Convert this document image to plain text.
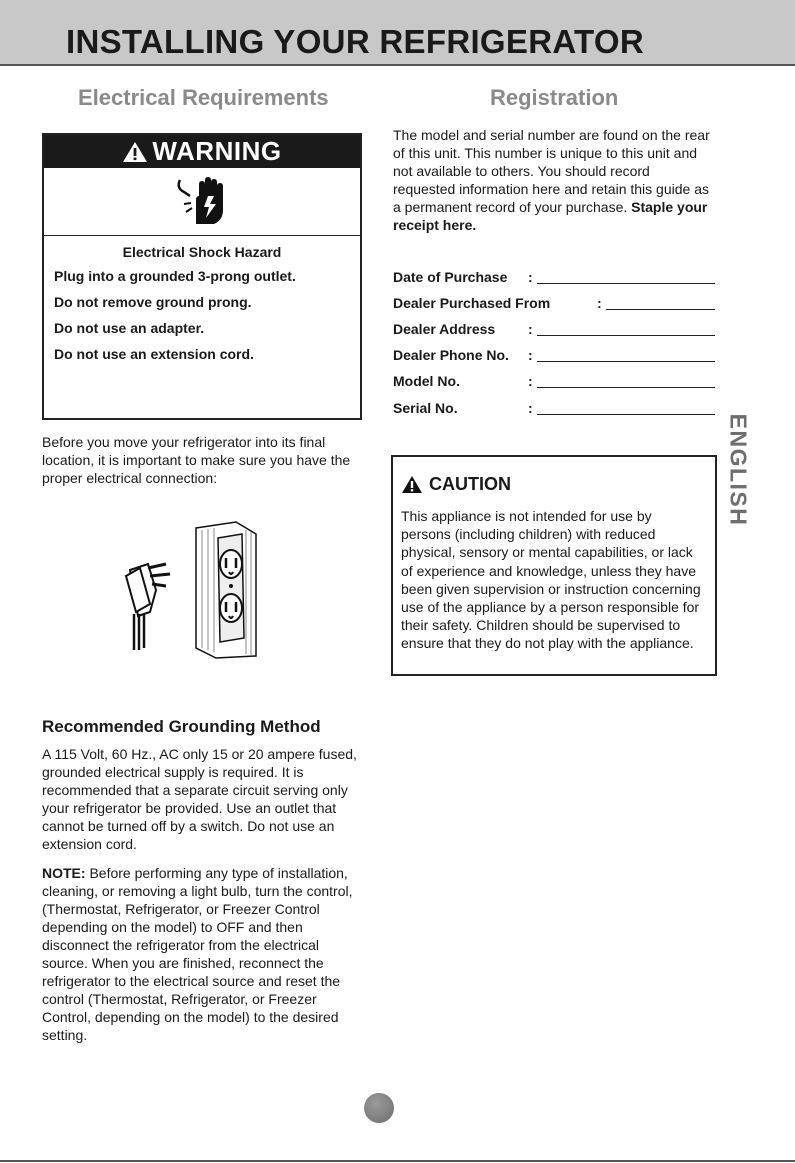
INSTALLING YOUR REFRIGERATOR
Electrical Requirements	Registration
WARNING
Electrical Shock Hazard
Plug into a grounded 3-prong outlet.
Do not remove ground prong.
Do not use an adapter.
Do not use an extension cord.

Before you move your refrigerator into its final location, it is important to make sure you have the proper electrical connection:

Recommended Grounding Method

A 115 Volt, 60 Hz., AC only 15 or 20 ampere fused, grounded electrical supply is required. It is recommended that a separate circuit serving only your refrigerator be provided. Use an outlet that cannot be turned off by a switch. Do not use an extension cord.

NOTE: Before performing any type of installation, cleaning, or removing a light bulb, turn the control, (Thermostat, Refrigerator, or Freezer Control depending on the model) to OFF and then disconnect the refrigerator from the electrical source. When you are finished, reconnect the refrigerator to the electrical source and reset the control (Thermostat, Refrigerator, or Freezer Control, depending on the model) to the desired setting.

The model and serial number are found on the rear of this unit. This number is unique to this unit and not available to others. You should record requested information here and retain this guide as a permanent record of your purchase. Staple your receipt here.

Date of Purchase :
Dealer Purchased From	:
Dealer Address :
Dealer Phone No. :
Model No.	:
Serial No.	:
CAUTION

This appliance is not intended for use by persons (including children) with reduced physical, sensory or mental capabilities, or lack of experience and knowledge, unless they have been given supervision or instruction concerning use of the appliance by a person responsible for their safety. Children should be supervised to ensure that they do not play with the appliance.

ENGLISH
